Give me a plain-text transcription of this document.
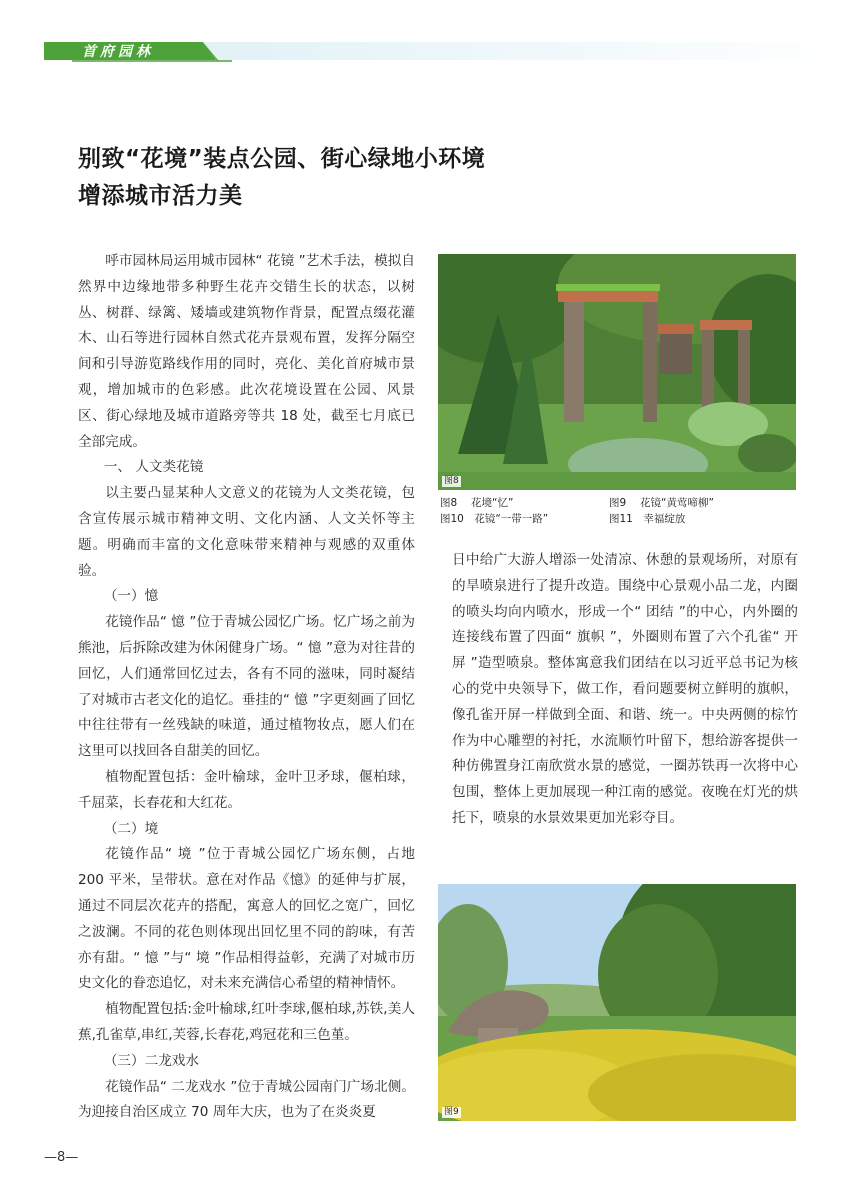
首府园林
别致“花境”装点公园、街心绿地小环境
增添城市活力美

呼市园林局运用城市园林“ 花镜 ”艺术手法，模拟自然界中边缘地带多种野生花卉交错生长的状态，以树丛、树群、绿篱、矮墙或建筑物作背景，配置点缀花灌木、山石等进行园林自然式花卉景观布置，发挥分隔空间和引导游览路线作用的同时，亮化、美化首府城市景观，增加城市的色彩感。此次花境设置在公园、风景区、街心绿地及城市道路旁等共 18 处，截至七月底已全部完成。

一、 人文类花镜

以主要凸显某种人文意义的花镜为人文类花镜，包含宣传展示城市精神文明、文化内涵、人文关怀等主题。明确而丰富的文化意味带来精神与观感的双重体验。

（一）憶

花镜作品“ 憶 ”位于青城公园忆广场。忆广场之前为熊池，后拆除改建为休闲健身广场。“ 憶 ”意为对往昔的回忆，人们通常回忆过去，各有不同的滋味，同时凝结了对城市古老文化的追忆。垂挂的“ 憶 ”字更刻画了回忆中往往带有一丝残缺的味道，通过植物妆点，愿人们在这里可以找回各自甜美的回忆。

植物配置包括：金叶榆球，金叶卫矛球，偃柏球，千屈菜，长春花和大红花。

（二）境

花镜作品“ 境 ”位于青城公园忆广场东侧，占地 200 平米，呈带状。意在对作品《憶》的延伸与扩展，通过不同层次花卉的搭配，寓意人的回忆之宽广，回忆之波澜。不同的花色则体现出回忆里不同的韵味，有苦亦有甜。“ 憶 ”与“ 境 ”作品相得益彰，充满了对城市历史文化的眷恋追忆，对未来充满信心希望的精神情怀。

植物配置包括:金叶榆球,红叶李球,偃柏球,苏铁,美人蕉,孔雀草,串红,芙蓉,长春花,鸡冠花和三色堇。

（三）二龙戏水

花镜作品“ 二龙戏水 ”位于青城公园南门广场北侧。为迎接自治区成立 70 周年大庆，也为了在炎炎夏

图8
图8　 花境“忆”	图9　 花镜“黄莺啼柳”
图10　花镜“一带一路”	图11　幸福绽放

日中给广大游人增添一处清凉、休憩的景观场所，对原有的旱喷泉进行了提升改造。围绕中心景观小品二龙，内圈的喷头均向内喷水，形成一个“ 团结 ”的中心，内外圈的连接线布置了四面“ 旗帜 ”，外圈则布置了六个孔雀“ 开屏 ”造型喷泉。整体寓意我们团结在以习近平总书记为核心的党中央领导下，做工作，看问题要树立鲜明的旗帜，像孔雀开屏一样做到全面、和谐、统一。中央两侧的棕竹作为中心雕塑的衬托，水流顺竹叶留下，想给游客提供一种仿佛置身江南欣赏水景的感觉，一圈苏铁再一次将中心包围，整体上更加展现一种江南的感觉。夜晚在灯光的烘托下，喷泉的水景效果更加光彩夺目。

图9
—8—
